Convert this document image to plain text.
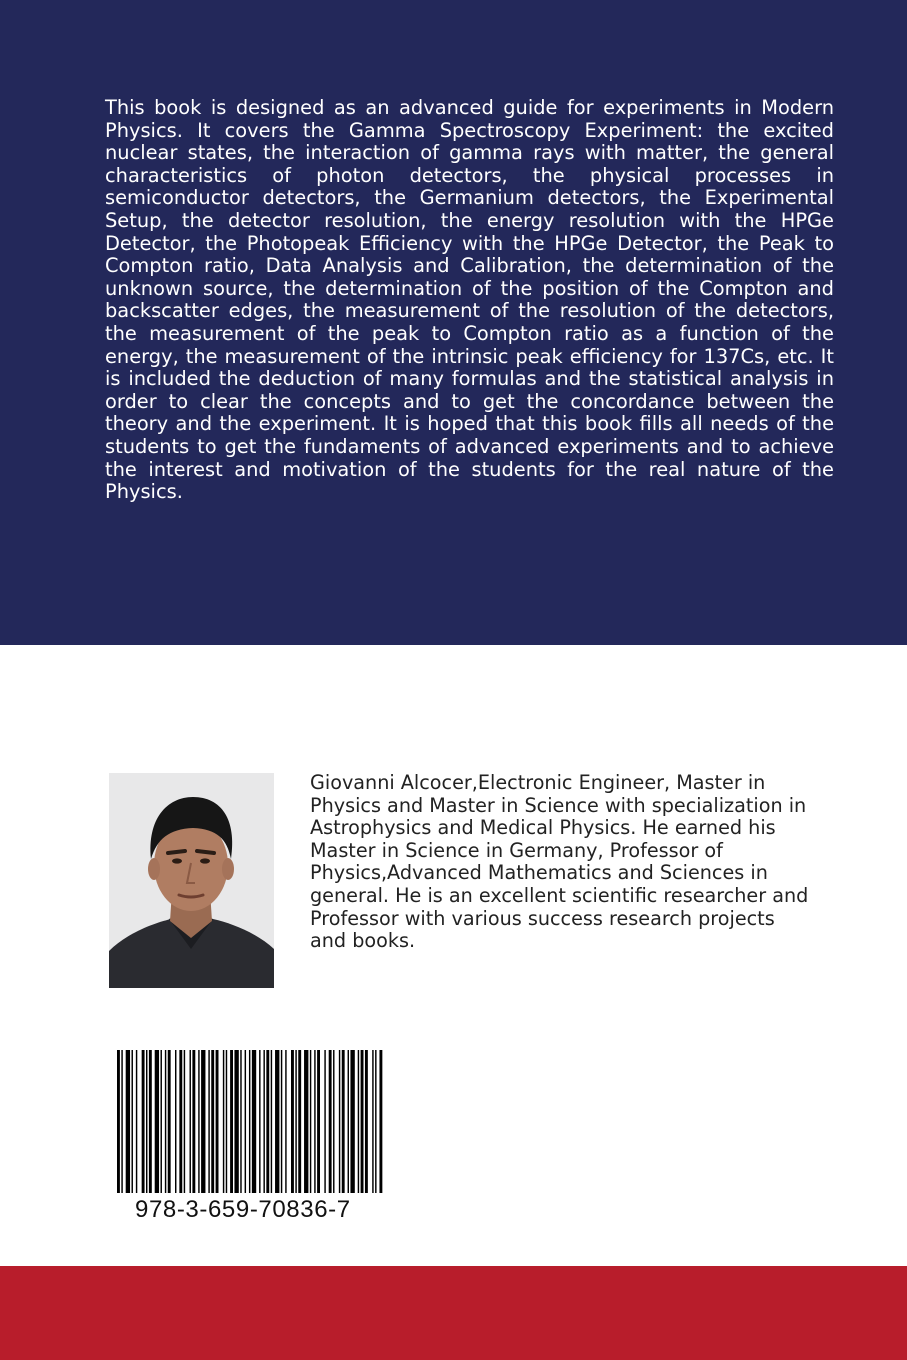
This book is designed as an advanced guide for experiments in Modern Physics. It covers the Gamma Spectroscopy Experiment: the excited nuclear states, the interaction of gamma rays with matter, the general characteristics of photon detectors, the physical processes in semiconductor detectors, the Germanium detectors, the Experimental Setup, the detector resolution, the energy resolution with the HPGe Detector, the Photopeak Efficiency with the HPGe Detector, the Peak to Compton ratio, Data Analysis and Calibration, the determination of the unknown source, the determination of the position of the Compton and backscatter edges, the measurement of the resolution of the detectors, the measurement of the peak to Compton ratio as a function of the energy, the measurement of the intrinsic peak efficiency for 137Cs, etc. It is included the deduction of many formulas and the statistical analysis in order to clear the concepts and to get the concordance between the theory and the experiment. It is hoped that this book fills all needs of the students to get the fundaments of advanced experiments and to achieve the interest and motivation of the students for the real nature of the Physics.

Giovanni Alcocer,Electronic Engineer, Master in Physics and Master in Science with specialization in Astrophysics and Medical Physics. He earned his Master in Science in Germany, Professor of Physics,Advanced Mathematics and Sciences in general. He is an excellent scientific researcher and Professor with various success research projects and books.

978-3-659-70836-7
